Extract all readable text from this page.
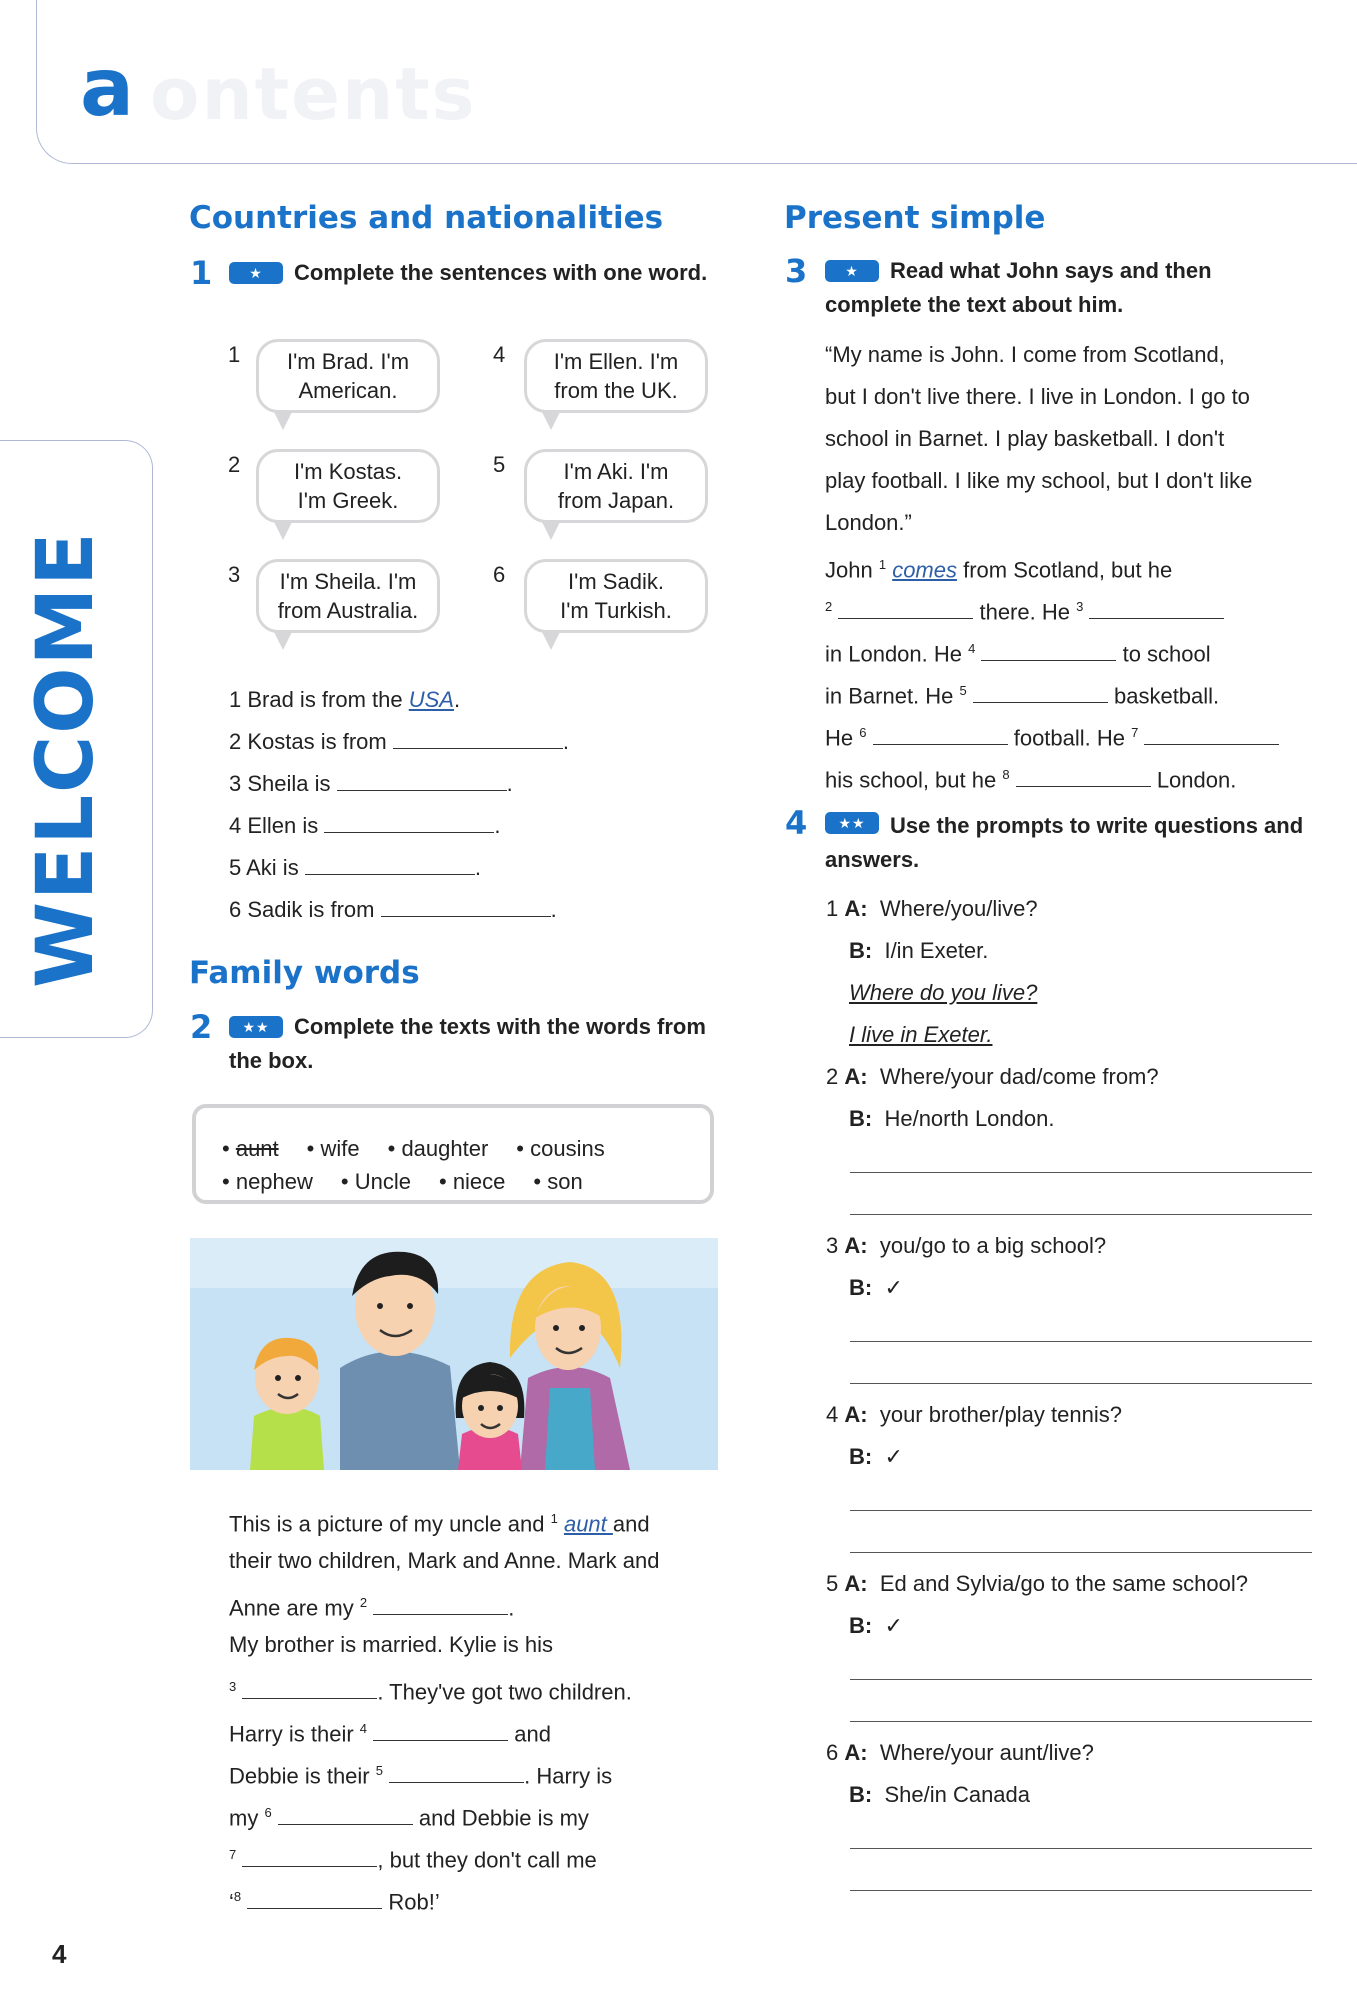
ontents
a
WELCOME
Countries and nationalities
1	★	Complete the sentences with one word.
1 I'm Brad. I'm
American.
2 I'm Kostas.
I'm Greek.
3 I'm Sheila. I'm
from Australia.
4 I'm Ellen. I'm
from the UK.
5	I'm Aki. I'm
from Japan.
6	I'm Sadik.
I'm Turkish.
1 Brad is from the USA.
2 Kostas is from	.
3 Sheila is	.
4 Ellen is	.
5 Aki is	.
6 Sadik is from	.
Family words
2	★★	Complete the texts with the words from the box.
• aunt • wife • daughter • cousins
• nephew • Uncle • niece • son
This is a picture of my uncle and $^1$ aunt and
their two children, Mark and Anne. Mark and
Anne are my $^2$	.
My brother is married. Kylie is his
$^3$	. They've got two children.
Harry is their $^4$	and
Debbie is their $^5$	. Harry is
my $^6$	and Debbie is my
$^7$	, but they don't call me
‘$^8$	Rob!’
4
Present simple
3	★	Read what John says and then complete the text about him.
“My name is John. I come from Scotland,
but I don't live there. I live in London. I go to
school in Barnet. I play basketball. I don't
play football. I like my school, but I don't like
London.”
John $^1$ comes from Scotland, but he
$^2$	there. He $^3$
in London. He $^4$	to school
in Barnet. He $^5$	basketball.
He $^6$	football. He $^7$
his school, but he $^8$	London.
4	★★	Use the prompts to write questions and answers.
1 A: Where/you/live?
B: I/in Exeter.
Where do you live?
I live in Exeter.
2 A: Where/your dad/come from?
B: He/north London.
3 A: you/go to a big school?
B: ✓
4 A: your brother/play tennis?
B: ✓
5 A: Ed and Sylvia/go to the same school?
B: ✓
6 A: Where/your aunt/live?
B: She/in Canada
